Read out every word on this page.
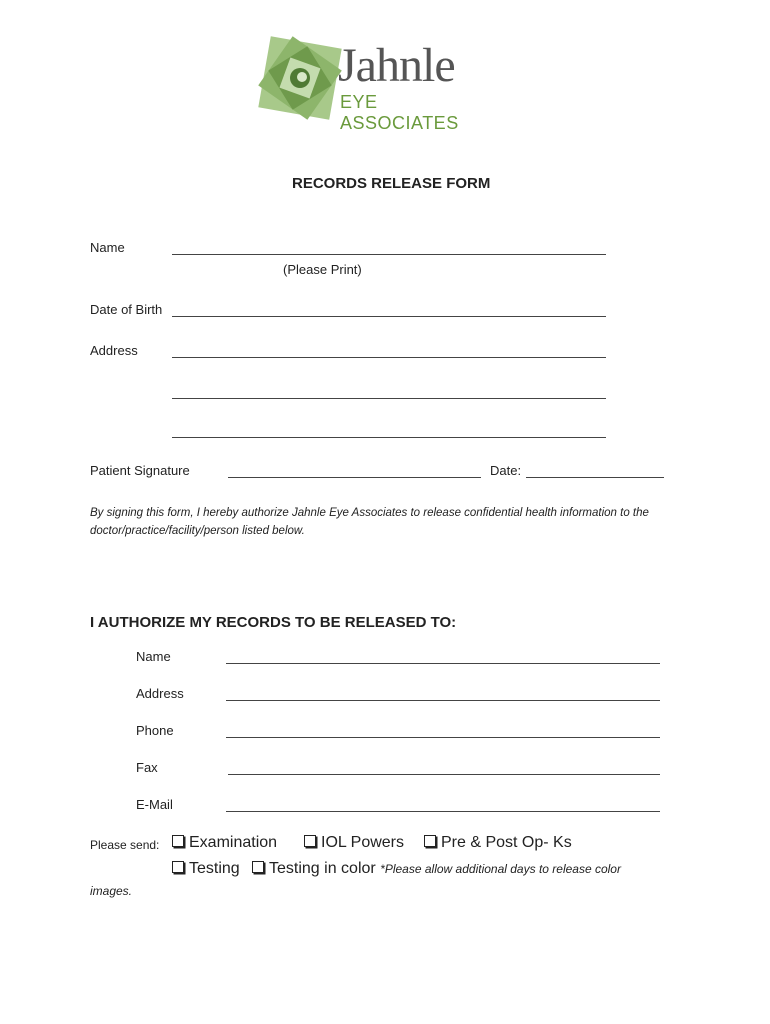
Jahnle
EYE ASSOCIATES
RECORDS RELEASE FORM
Name
(Please Print)
Date of Birth
Address
Patient Signature	Date:
By signing this form, I hereby authorize Jahnle Eye Associates to release confidential health information to the doctor/practice/facility/person listed below.
I AUTHORIZE MY RECORDS TO BE RELEASED TO:
Name
Address
Phone
Fax
E-Mail
Please send:	Examination	IOL Powers	Pre & Post Op- Ks
Testing	Testing in color *Please allow additional days to release color
images.
